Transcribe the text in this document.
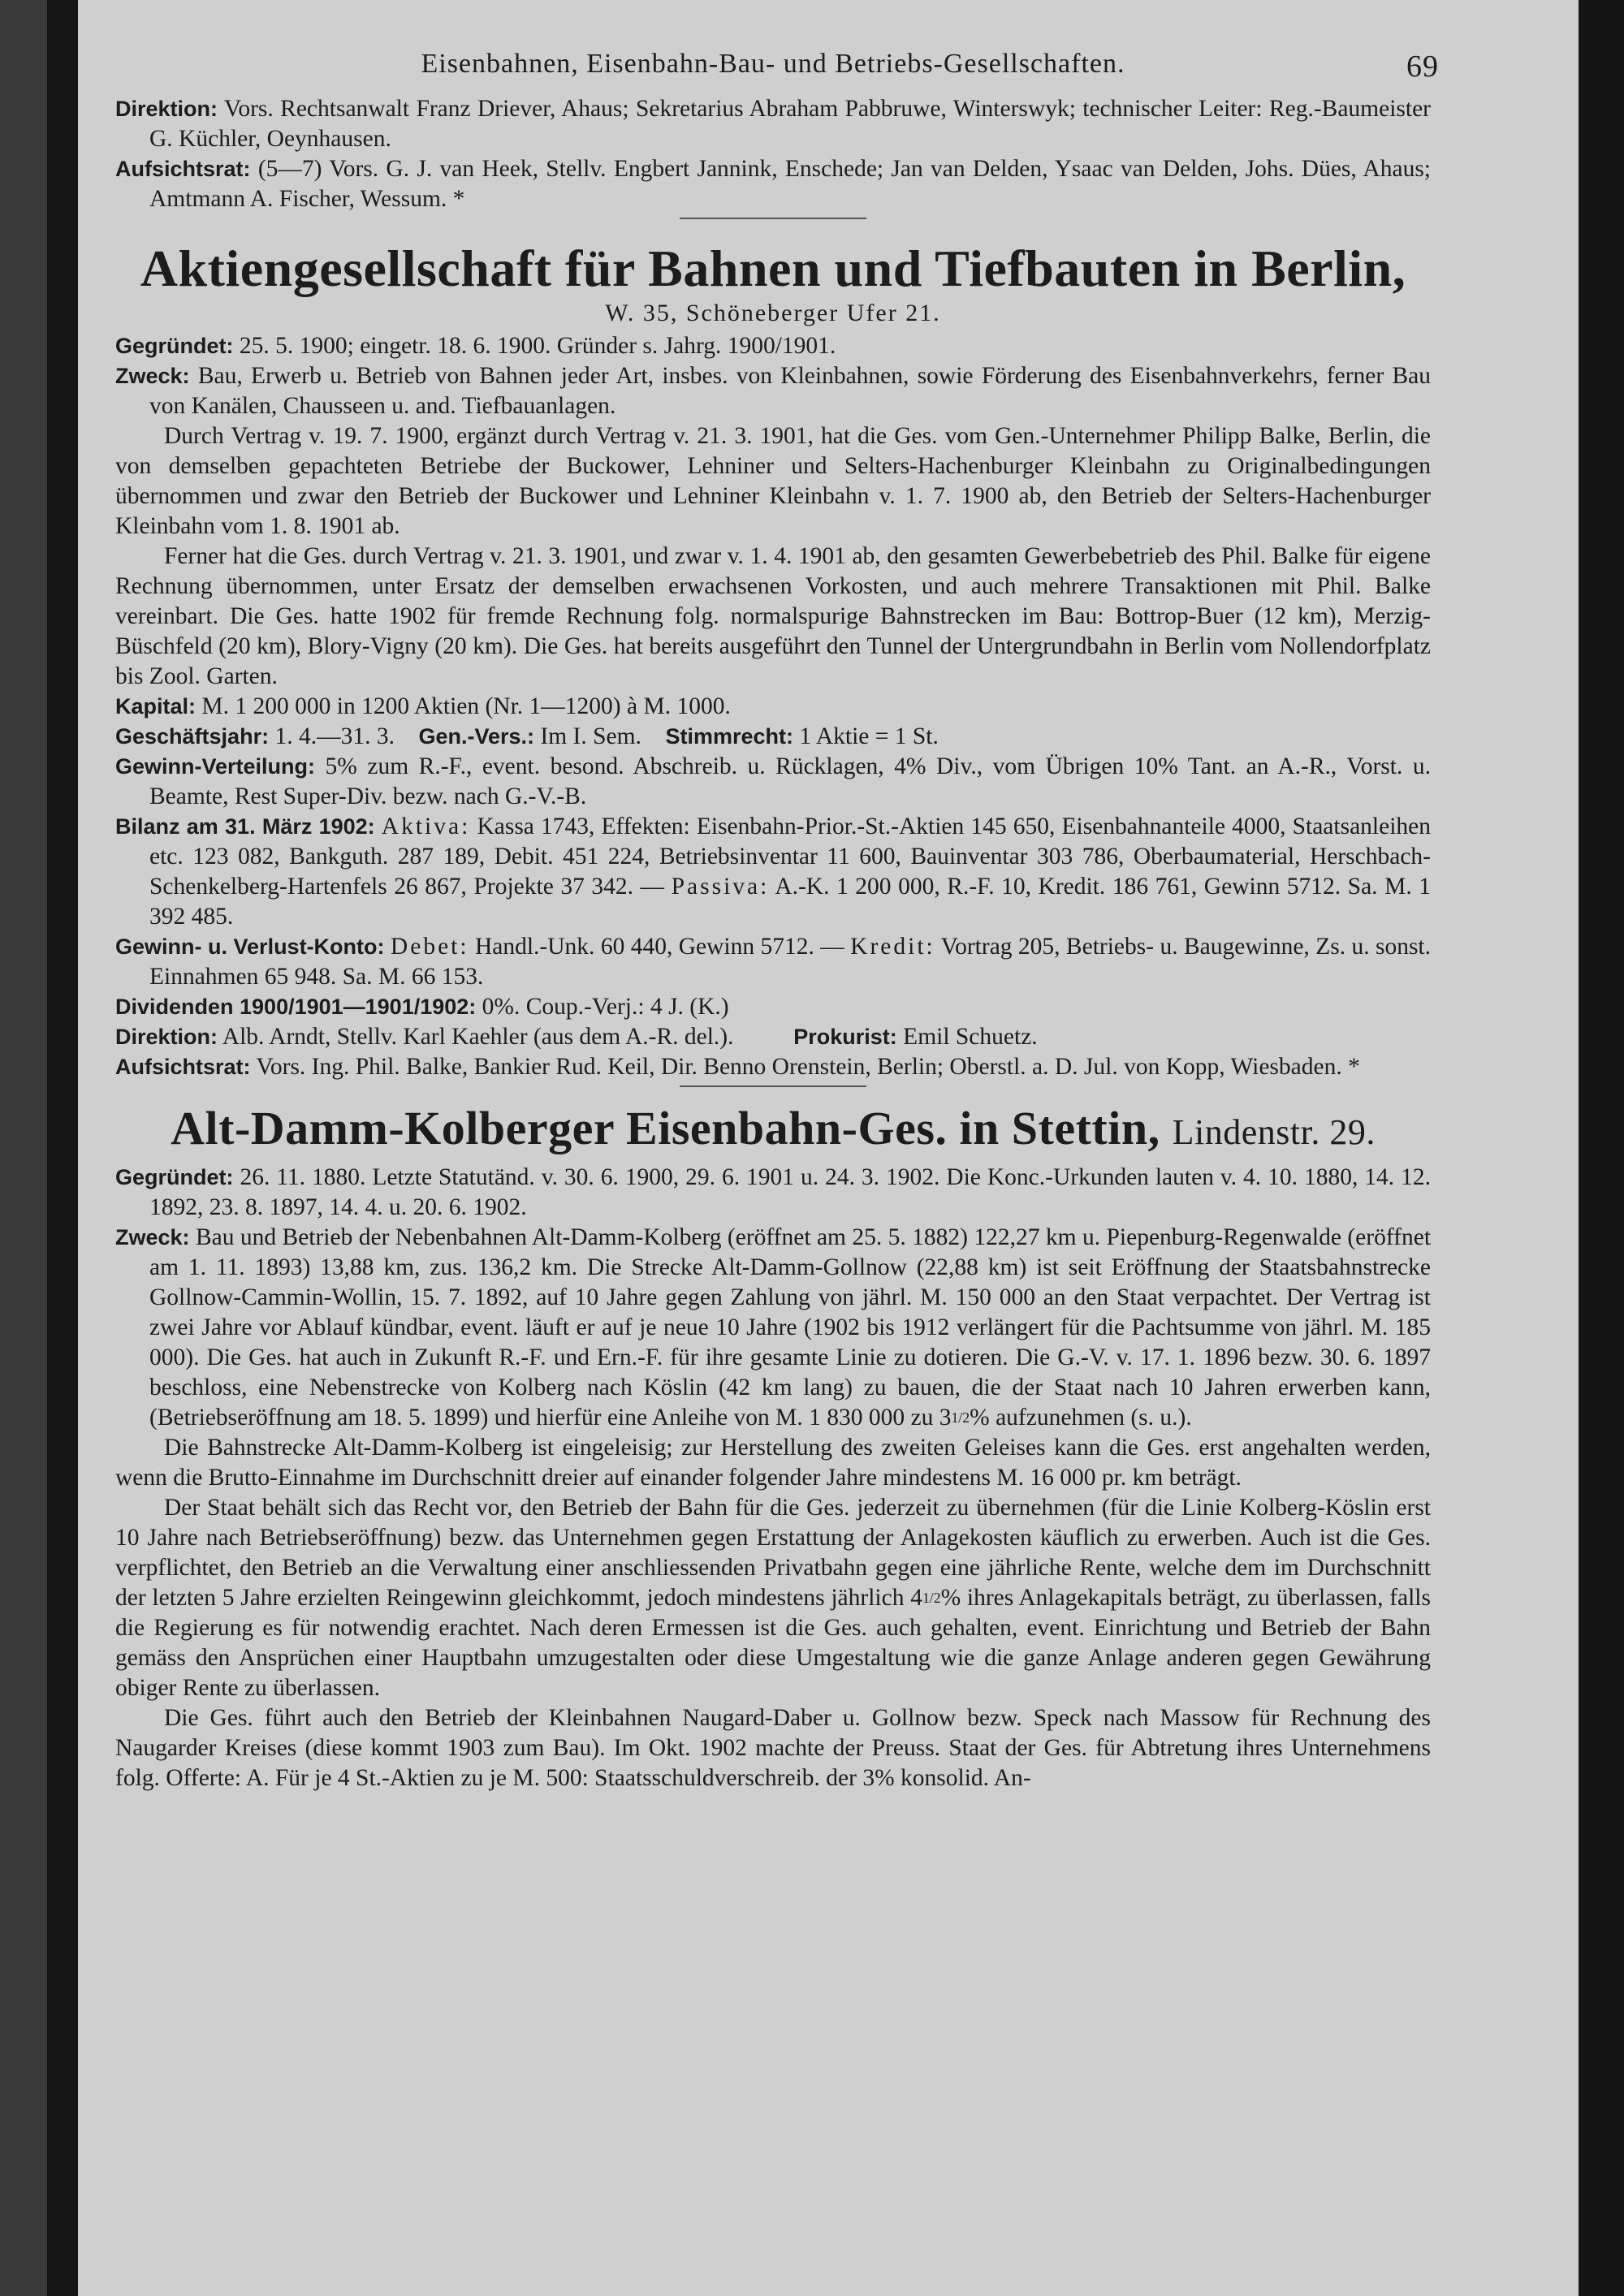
Eisenbahnen, Eisenbahn-Bau- und Betriebs-Gesellschaften.	69

Direktion: Vors. Rechtsanwalt Franz Driever, Ahaus; Sekretarius Abraham Pabbruwe, Winterswyk; technischer Leiter: Reg.-Baumeister G. Küchler, Oeynhausen.

Aufsichtsrat: (5—7) Vors. G. J. van Heek, Stellv. Engbert Jannink, Enschede; Jan van Delden, Ysaac van Delden, Johs. Dües, Ahaus; Amtmann A. Fischer, Wessum. *

Aktiengesellschaft für Bahnen und Tiefbauten in Berlin,
W. 35, Schöneberger Ufer 21.

Gegründet: 25. 5. 1900; eingetr. 18. 6. 1900. Gründer s. Jahrg. 1900/1901.

Zweck: Bau, Erwerb u. Betrieb von Bahnen jeder Art, insbes. von Kleinbahnen, sowie Förderung des Eisenbahnverkehrs, ferner Bau von Kanälen, Chausseen u. and. Tiefbauanlagen.

Durch Vertrag v. 19. 7. 1900, ergänzt durch Vertrag v. 21. 3. 1901, hat die Ges. vom Gen.-Unternehmer Philipp Balke, Berlin, die von demselben gepachteten Betriebe der Buckower, Lehniner und Selters-Hachenburger Kleinbahn zu Originalbedingungen übernommen und zwar den Betrieb der Buckower und Lehniner Kleinbahn v. 1. 7. 1900 ab, den Betrieb der Selters-Hachenburger Kleinbahn vom 1. 8. 1901 ab.

Ferner hat die Ges. durch Vertrag v. 21. 3. 1901, und zwar v. 1. 4. 1901 ab, den gesamten Gewerbebetrieb des Phil. Balke für eigene Rechnung übernommen, unter Ersatz der demselben erwachsenen Vorkosten, und auch mehrere Transaktionen mit Phil. Balke vereinbart. Die Ges. hatte 1902 für fremde Rechnung folg. normalspurige Bahnstrecken im Bau: Bottrop-Buer (12 km), Merzig-Büschfeld (20 km), Blory-Vigny (20 km). Die Ges. hat bereits ausgeführt den Tunnel der Untergrundbahn in Berlin vom Nollendorfplatz bis Zool. Garten.

Kapital: M. 1 200 000 in 1200 Aktien (Nr. 1—1200) à M. 1000.

Geschäftsjahr: 1. 4.—31. 3. Gen.-Vers.: Im I. Sem. Stimmrecht: 1 Aktie = 1 St.

Gewinn-Verteilung: 5% zum R.-F., event. besond. Abschreib. u. Rücklagen, 4% Div., vom Übrigen 10% Tant. an A.-R., Vorst. u. Beamte, Rest Super-Div. bezw. nach G.-V.-B.

Bilanz am 31. März 1902: Aktiva: Kassa 1743, Effekten: Eisenbahn-Prior.-St.-Aktien 145 650, Eisenbahnanteile 4000, Staatsanleihen etc. 123 082, Bankguth. 287 189, Debit. 451 224, Betriebsinventar 11 600, Bauinventar 303 786, Oberbaumaterial, Herschbach-Schenkelberg-Hartenfels 26 867, Projekte 37 342. — Passiva: A.-K. 1 200 000, R.-F. 10, Kredit. 186 761, Gewinn 5712. Sa. M. 1 392 485.

Gewinn- u. Verlust-Konto: Debet: Handl.-Unk. 60 440, Gewinn 5712. — Kredit: Vortrag 205, Betriebs- u. Baugewinne, Zs. u. sonst. Einnahmen 65 948. Sa. M. 66 153.

Dividenden 1900/1901—1901/1902: 0%. Coup.-Verj.: 4 J. (K.)

Direktion: Alb. Arndt, Stellv. Karl Kaehler (aus dem A.-R. del.).	Prokurist: Emil Schuetz.

Aufsichtsrat: Vors. Ing. Phil. Balke, Bankier Rud. Keil, Dir. Benno Orenstein, Berlin; Oberstl. a. D. Jul. von Kopp, Wiesbaden. *

Alt-Damm-Kolberger Eisenbahn-Ges. in Stettin, Lindenstr. 29.

Gegründet: 26. 11. 1880. Letzte Statutänd. v. 30. 6. 1900, 29. 6. 1901 u. 24. 3. 1902. Die Konc.-Urkunden lauten v. 4. 10. 1880, 14. 12. 1892, 23. 8. 1897, 14. 4. u. 20. 6. 1902.

Zweck: Bau und Betrieb der Nebenbahnen Alt-Damm-Kolberg (eröffnet am 25. 5. 1882) 122,27 km u. Piepenburg-Regenwalde (eröffnet am 1. 11. 1893) 13,88 km, zus. 136,2 km. Die Strecke Alt-Damm-Gollnow (22,88 km) ist seit Eröffnung der Staatsbahnstrecke Gollnow-Cammin-Wollin, 15. 7. 1892, auf 10 Jahre gegen Zahlung von jährl. M. 150 000 an den Staat verpachtet. Der Vertrag ist zwei Jahre vor Ablauf kündbar, event. läuft er auf je neue 10 Jahre (1902 bis 1912 verlängert für die Pachtsumme von jährl. M. 185 000). Die Ges. hat auch in Zukunft R.-F. und Ern.-F. für ihre gesamte Linie zu dotieren. Die G.-V. v. 17. 1. 1896 bezw. 30. 6. 1897 beschloss, eine Nebenstrecke von Kolberg nach Köslin (42 km lang) zu bauen, die der Staat nach 10 Jahren erwerben kann, (Betriebseröffnung am 18. 5. 1899) und hierfür eine Anleihe von M. 1 830 000 zu $3^{1/2}\%$ aufzunehmen (s. u.).

Die Bahnstrecke Alt-Damm-Kolberg ist eingeleisig; zur Herstellung des zweiten Geleises kann die Ges. erst angehalten werden, wenn die Brutto-Einnahme im Durchschnitt dreier auf einander folgender Jahre mindestens M. 16 000 pr. km beträgt.

Der Staat behält sich das Recht vor, den Betrieb der Bahn für die Ges. jederzeit zu übernehmen (für die Linie Kolberg-Köslin erst 10 Jahre nach Betriebseröffnung) bezw. das Unternehmen gegen Erstattung der Anlagekosten käuflich zu erwerben. Auch ist die Ges. verpflichtet, den Betrieb an die Verwaltung einer anschliessenden Privatbahn gegen eine jährliche Rente, welche dem im Durchschnitt der letzten 5 Jahre erzielten Reingewinn gleichkommt, jedoch mindestens jährlich $4^{1/2}\%$ ihres Anlagekapitals beträgt, zu überlassen, falls die Regierung es für notwendig erachtet. Nach deren Ermessen ist die Ges. auch gehalten, event. Einrichtung und Betrieb der Bahn gemäss den Ansprüchen einer Hauptbahn umzugestalten oder diese Umgestaltung wie die ganze Anlage anderen gegen Gewährung obiger Rente zu überlassen.

Die Ges. führt auch den Betrieb der Kleinbahnen Naugard-Daber u. Gollnow bezw. Speck nach Massow für Rechnung des Naugarder Kreises (diese kommt 1903 zum Bau). Im Okt. 1902 machte der Preuss. Staat der Ges. für Abtretung ihres Unternehmens folg. Offerte: A. Für je 4 St.-Aktien zu je M. 500: Staatsschuldverschreib. der 3% konsolid. An-
